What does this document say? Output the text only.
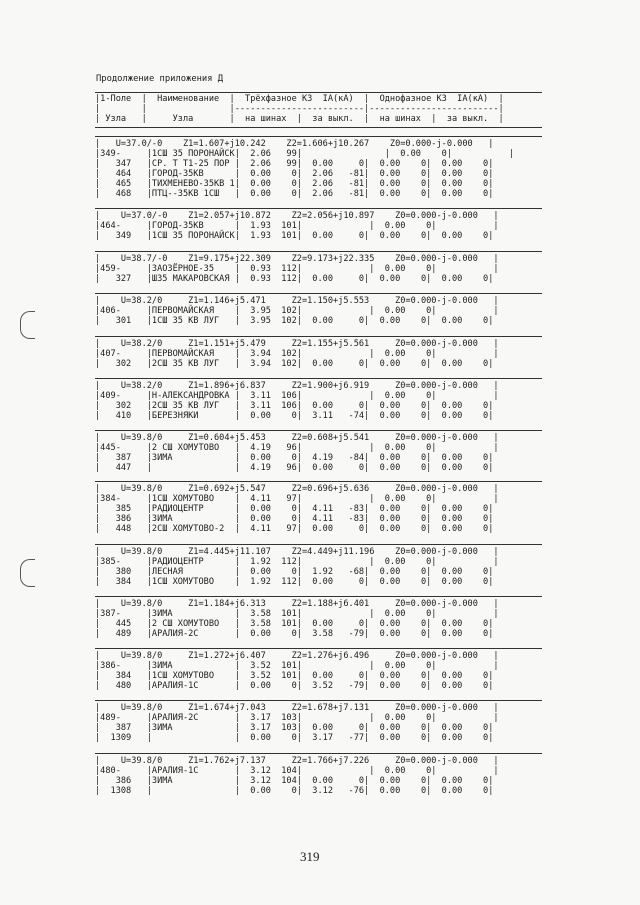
Продолжение приложения Д
|1-Поле  |  Наименование  |  Трёхфазное КЗ  IA(кА)  |  Однофазное КЗ  IA(кА)  |
|        |                |-------------------------|-------------------------|
| Узла   |     Узла       |  на шинах  |  за выкл.  |  на шинах  |  за выкл.  |
|   U=37.0/-0    Z1=1.607+j10.242    Z2=1.606+j10.267    Z0=0.000-j-0.000   |
|349-     |1СШ 35 ПОРОНАЙСК|  2.06   99|                |  0.00    0|           |
|   347   |СР. Т Т1-25 ПОР |  2.06   99|  0.00     0|  0.00    0|  0.00    0|
|   464   |ГОРОД-35КВ      |  0.00    0|  2.06   -81|  0.00    0|  0.00    0|
|   465   |ТИХМЕНЕВО-35КВ 1|  0.00    0|  2.06   -81|  0.00    0|  0.00    0|
|   468   |ПТЦ--35КВ 1СШ   |  0.00    0|  2.06   -81|  0.00    0|  0.00    0|
|    U=37.0/-0    Z1=2.057+j10.872    Z2=2.056+j10.897    Z0=0.000-j-0.000   |
|464-     |ГОРОД-35КВ      |  1.93  101|             |  0.00    0|           |
|   349   |1СШ 35 ПОРОНАЙСК|  1.93  101|  0.00     0|  0.00    0|  0.00    0|
|    U=38.7/-0    Z1=9.175+j22.309    Z2=9.173+j22.335    Z0=0.000-j-0.000   |
|459-     |ЗАОЗЁРНОЕ-35    |  0.93  112|             |  0.00    0|           |
|   327   |Ш35 МАКАРОВСКАЯ |  0.93  112|  0.00     0|  0.00    0|  0.00    0|
|    U=38.2/0     Z1=1.146+j5.471     Z2=1.150+j5.553     Z0=0.000-j-0.000   |
|406-     |ПЕРВОМАЙСКАЯ    |  3.95  102|             |  0.00    0|           |
|   301   |1СШ 35 КВ ЛУГ   |  3.95  102|  0.00     0|  0.00    0|  0.00    0|
|    U=38.2/0     Z1=1.151+j5.479     Z2=1.155+j5.561     Z0=0.000-j-0.000   |
|407-     |ПЕРВОМАЙСКАЯ    |  3.94  102|             |  0.00    0|           |
|   302   |2СШ 35 КВ ЛУГ   |  3.94  102|  0.00     0|  0.00    0|  0.00    0|
|    U=38.2/0     Z1=1.896+j6.837     Z2=1.900+j6.919     Z0=0.000-j-0.000   |
|409-     |Н-АЛЕКСАНДРОВКА |  3.11  106|             |  0.00    0|           |
|   302   |2СШ 35 КВ ЛУГ   |  3.11  106|  0.00     0|  0.00    0|  0.00    0|
|   410   |БЕРЕЗНЯКИ       |  0.00    0|  3.11   -74|  0.00    0|  0.00    0|
|    U=39.8/0     Z1=0.604+j5.453     Z2=0.608+j5.541     Z0=0.000-j-0.000   |
|445-     |2 СШ ХОМУТОВО   |  4.19   96|             |  0.00    0|           |
|   387   |ЗИМА            |  0.00    0|  4.19   -84|  0.00    0|  0.00    0|
|   447   |                |  4.19   96|  0.00     0|  0.00    0|  0.00    0|
|    U=39.8/0     Z1=0.692+j5.547     Z2=0.696+j5.636     Z0=0.000-j-0.000   |
|384-     |1СШ ХОМУТОВО    |  4.11   97|             |  0.00    0|           |
|   385   |РАДИОЦЕНТР      |  0.00    0|  4.11   -83|  0.00    0|  0.00    0|
|   386   |ЗИМА            |  0.00    0|  4.11   -83|  0.00    0|  0.00    0|
|   448   |2СШ ХОМУТОВО-2  |  4.11   97|  0.00     0|  0.00    0|  0.00    0|
|    U=39.8/0     Z1=4.445+j11.107    Z2=4.449+j11.196    Z0=0.000-j-0.000   |
|385-     |РАДИОЦЕНТР      |  1.92  112|             |  0.00    0|           |
|   380   |ЛЕСНАЯ          |  0.00    0|  1.92   -68|  0.00    0|  0.00    0|
|   384   |1СШ ХОМУТОВО    |  1.92  112|  0.00     0|  0.00    0|  0.00    0|
|    U=39.8/0     Z1=1.184+j6.313     Z2=1.188+j6.401     Z0=0.000-j-0.000   |
|387-     |ЗИМА            |  3.58  101|             |  0.00    0|           |
|   445   |2 СШ ХОМУТОВО   |  3.58  101|  0.00     0|  0.00    0|  0.00    0|
|   489   |АРАЛИЯ-2С       |  0.00    0|  3.58   -79|  0.00    0|  0.00    0|
|    U=39.8/0     Z1=1.272+j6.407     Z2=1.276+j6.496     Z0=0.000-j-0.000   |
|386-     |ЗИМА            |  3.52  101|             |  0.00    0|           |
|   384   |1СШ ХОМУТОВО    |  3.52  101|  0.00     0|  0.00    0|  0.00    0|
|   480   |АРАЛИЯ-1С       |  0.00    0|  3.52   -79|  0.00    0|  0.00    0|
|    U=39.8/0     Z1=1.674+j7.043     Z2=1.678+j7.131     Z0=0.000-j-0.000   |
|489-     |АРАЛИЯ-2С       |  3.17  103|             |  0.00    0|           |
|   387   |ЗИМА            |  3.17  103|  0.00     0|  0.00    0|  0.00    0|
|  1309   |                |  0.00    0|  3.17   -77|  0.00    0|  0.00    0|
|    U=39.8/0     Z1=1.762+j7.137     Z2=1.766+j7.226     Z0=0.000-j-0.000   |
|480-     |АРАЛИЯ-1С       |  3.12  104|             |  0.00    0|           |
|   386   |ЗИМА            |  3.12  104|  0.00     0|  0.00    0|  0.00    0|
|  1308   |                |  0.00    0|  3.12   -76|  0.00    0|  0.00    0|
319
